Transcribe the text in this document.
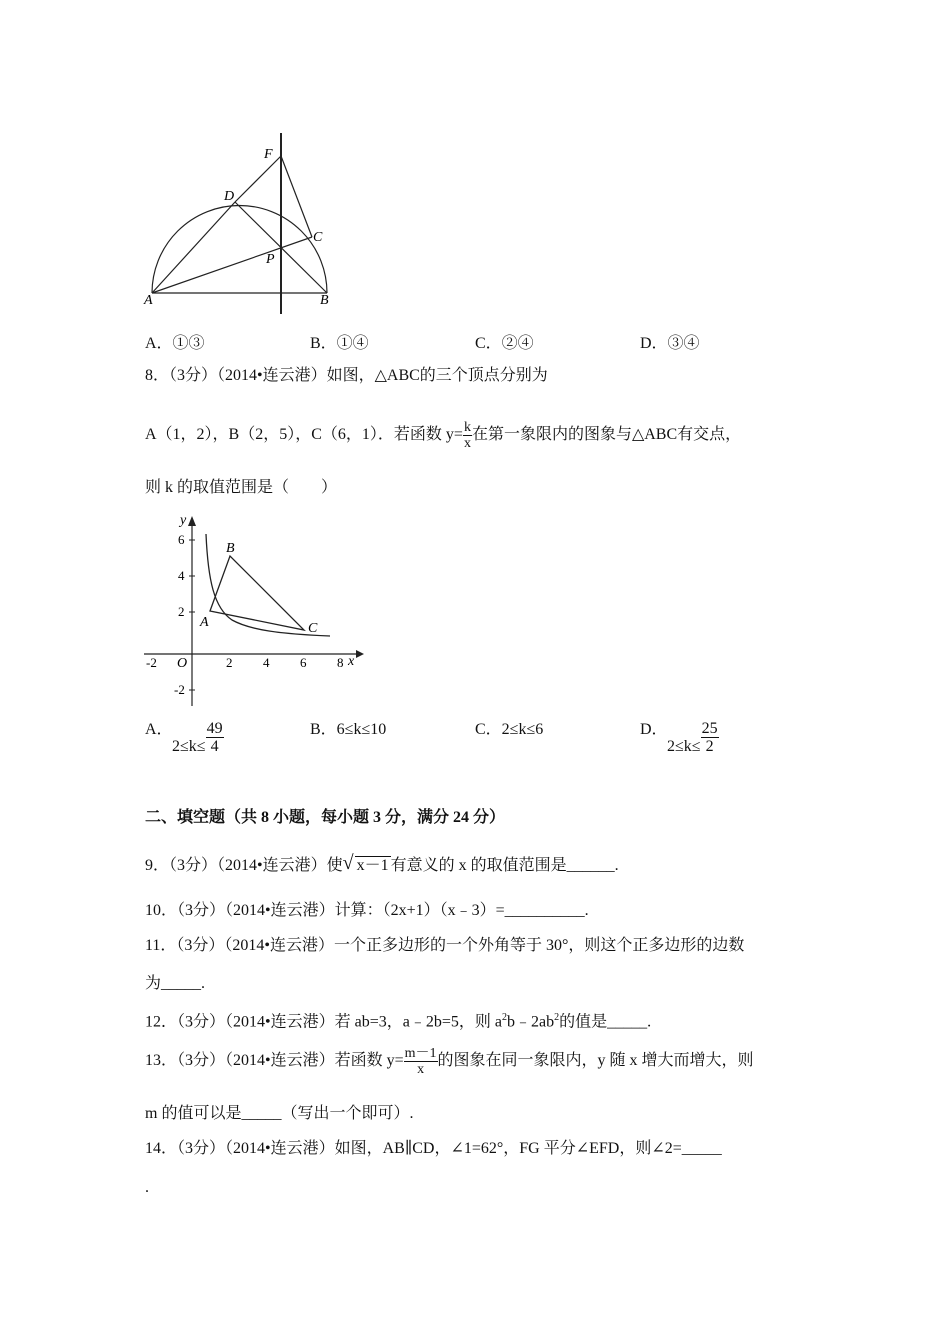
F
D
C
P
A	B
A．①③	B．①④	C．②④	D．③④
8．（3分）（2014•连云港）如图，△ABC的三个顶点分别为
A（1，2），B（2，5），C（6，1）．若函数 $y= \frac{k}{x}$ 在第一象限内的图象与△ABC有交点，
则 k 的取值范围是（　　）
y
x
O
6
4
2
-2
-2	2 4 6 8
A
B
C
A．
$2\le k\le \frac{49}{4}$	B．6≤k≤10	C．2≤k≤6	D．
$2\le k\le \frac{25}{2}$
二、填空题（共 8 小题，每小题 3 分，满分 24 分）
9．（3分）（2014•连云港）使 √ x－1 有意义的 x 的取值范围是______.
10．（3分）（2014•连云港）计算：（2x+1）（x﹣3）=__________.
11．（3分）（2014•连云港）一个正多边形的一个外角等于 30°，则这个正多边形的边数
为_____.
12．（3分）（2014•连云港）若 ab=3，a﹣2b=5，则 $a^2b﹣2ab^2$的值是_____.
13．（3分）（2014•连云港）若函数 $y= \frac{m-1}{x}$ 的图象在同一象限内，y 随 x 增大而增大，则
m 的值可以是_____（写出一个即可）.
14．（3分）（2014•连云港）如图，AB∥CD，∠1=62°，FG 平分∠EFD，则∠2=_____
.
